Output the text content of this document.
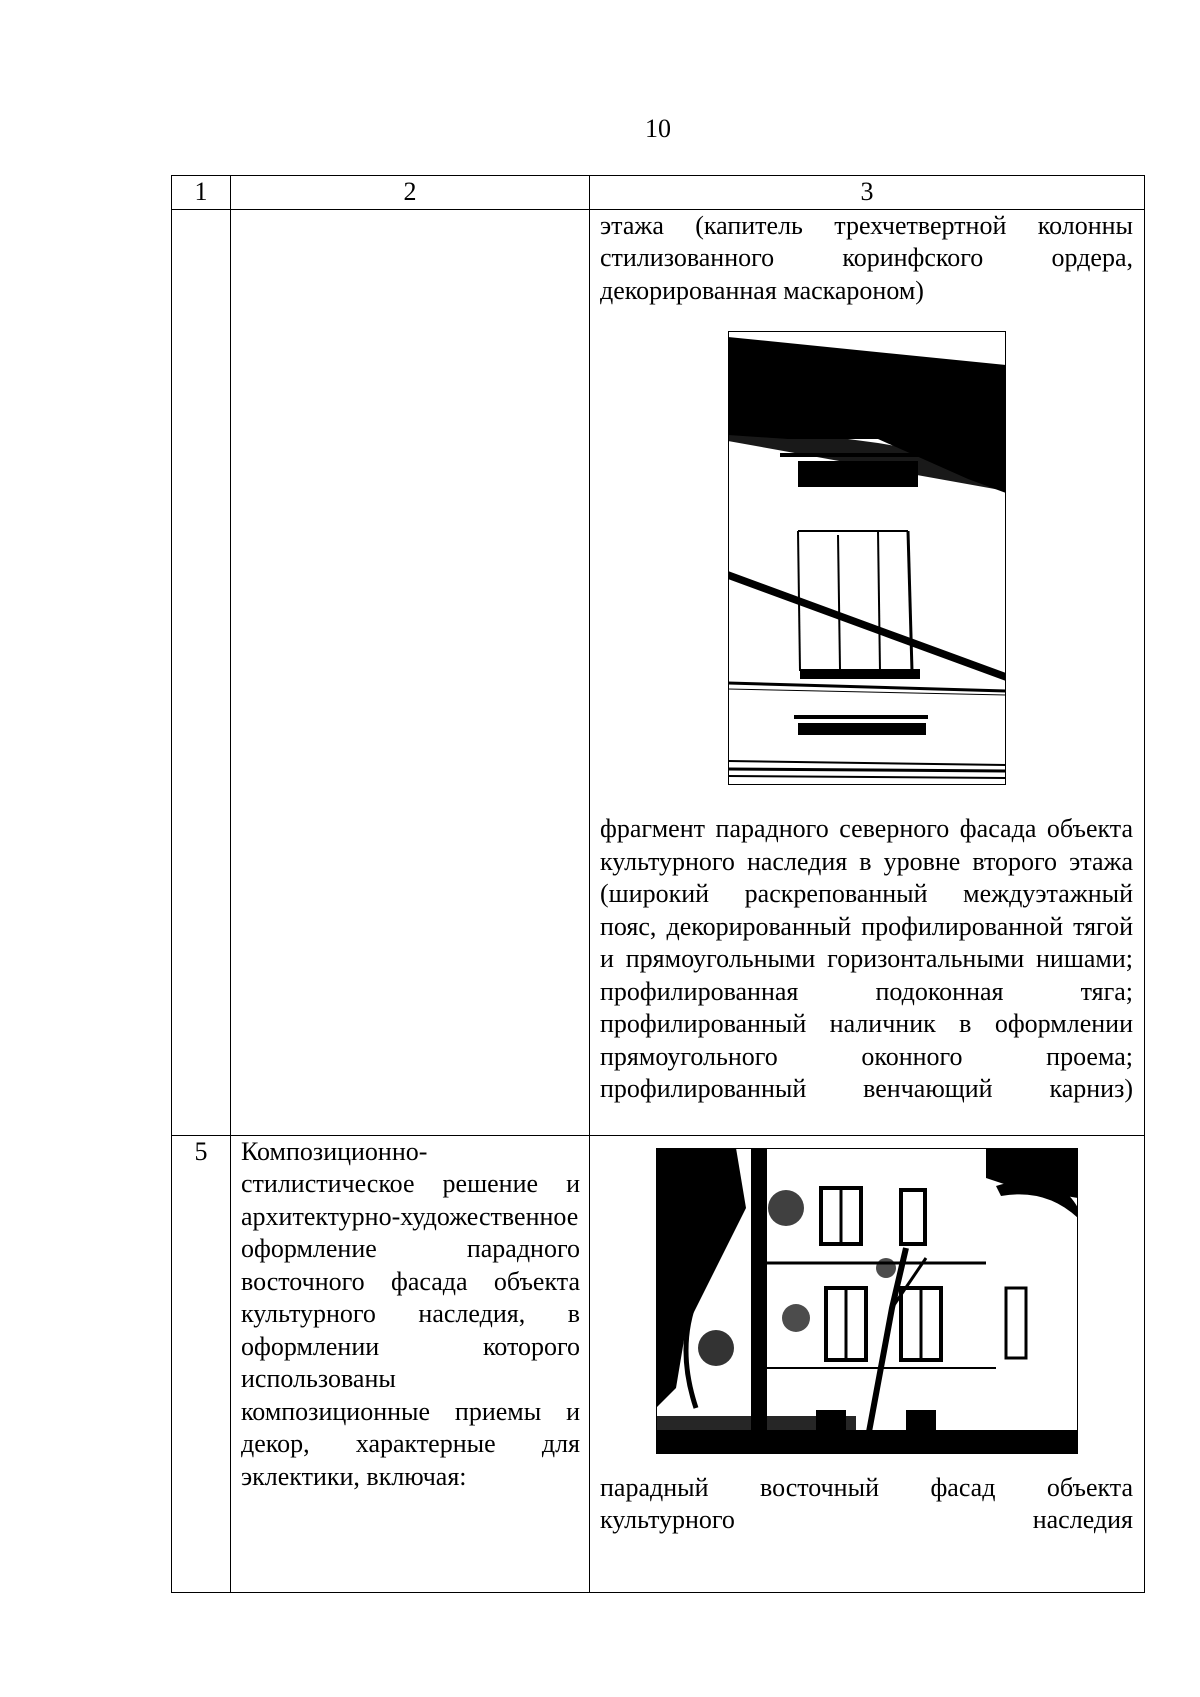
10
1	2	3

		этажа (капитель трехчетвертной колонны стилизованного коринфского ордера, декорированная маскароном)

фрагмент парадного северного фасада объекта культурного наследия в уровне второго этажа (широкий раскрепованный междуэтажный пояс, декорированный профилированной тягой и прямоугольными горизонтальными нишами; профилированная подоконная тяга; профилированный наличник в оформлении прямоугольного оконного проема; профилированный венчающий карниз)

5	Композиционно-стилистическое решение и архитектурно-художественное оформление парадного восточного фасада объекта культурного наследия, в оформлении которого использованы композиционные приемы и декор, характерные для эклектики, включая:	парадный восточный фасад объекта культурного наследия
